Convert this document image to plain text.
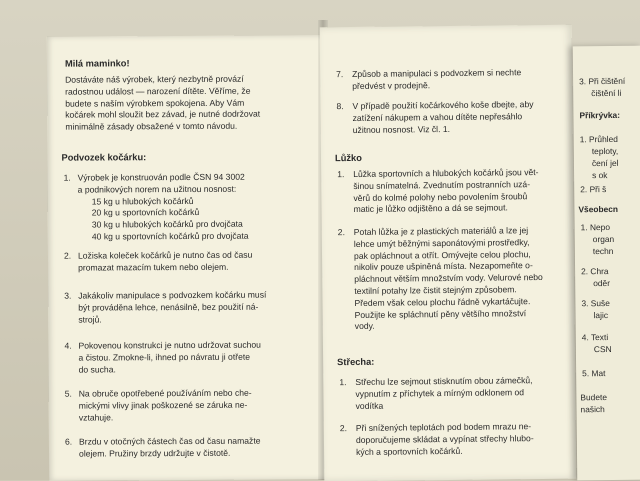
Milá maminko!
Dostáváte náš výrobek, který nezbytně provází
radostnou událost — narození dítěte. Věříme, že
budete s naším výrobkem spokojena. Aby Vám
kočárek mohl sloužit bez závad, je nutné dodržovat
minimálně zásady obsažené v tomto návodu.
Podvozek kočárku:
1. Výrobek je konstruován podle ČSN 94 3002
a podnikových norem na užitnou nosnost:
15 kg u hlubokých kočárků
20 kg u sportovních kočárků
30 kg u hlubokých kočárků pro dvojčata
40 kg u sportovních kočárků pro dvojčata
2. Ložiska koleček kočárků je nutno čas od času
promazat mazacím tukem nebo olejem.
3. Jakákoliv manipulace s podvozkem kočárku musí
být prováděna lehce, nenásilně, bez použití ná-
strojů.
4. Pokovenou konstrukci je nutno udržovat suchou
a čistou. Zmokne-li, ihned po návratu ji otřete
do sucha.
5. Na obruče opotřebené používáním nebo che-
mickými vlivy jinak poškozené se záruka ne-
vztahuje.
6. Brzdu v otočných částech čas od času namažte
olejem. Pružiny brzdy udržujte v čistotě.
7. Způsob a manipulaci s podvozkem si nechte
předvést v prodejně.
8. V případě použití kočárkového koše dbejte, aby
zatížení nákupem a vahou dítěte nepřesáhlo
užitnou nosnost. Viz čl. 1.
Lůžko
1. Lůžka sportovních a hlubokých kočárků jsou vět-
šinou snímatelná. Zvednutím postranních uzá-
věrů do kolmé polohy nebo povolením šroubů
matic je lůžko odjištěno a dá se sejmout.
2. Potah lůžka je z plastických materiálů a lze jej
lehce umýt běžnými saponátovými prostředky,
pak opláchnout a otřít. Omývejte celou plochu,
nikoliv pouze ušpiněná místa. Nezapomeňte o-
pláchnout větším množstvím vody. Velurové nebo
textilní potahy lze čistit stejným způsobem.
Předem však celou plochu řádně vykartáčujte.
Použijte ke spláchnutí pěny většího množství
vody.
Střecha:
1. Střechu lze sejmout stisknutím obou zámečků,
vypnutím z příchytek a mírným odklonem od
vodítka
2. Při snížených teplotách pod bodem mrazu ne-
doporučujeme skládat a vypínat střechy hlubo-
kých a sportovních kočárků.
3. Při čištění
čištění li
Příkrývka:
1. Průhled
teploty,
čení jel
s ok
2. Při š
Všeobecn
1. Nepo
organ
techn
2. Chra
oděr
3. Suše
lajic
4. Texti
CSN
5. Mat
Budete
našich
